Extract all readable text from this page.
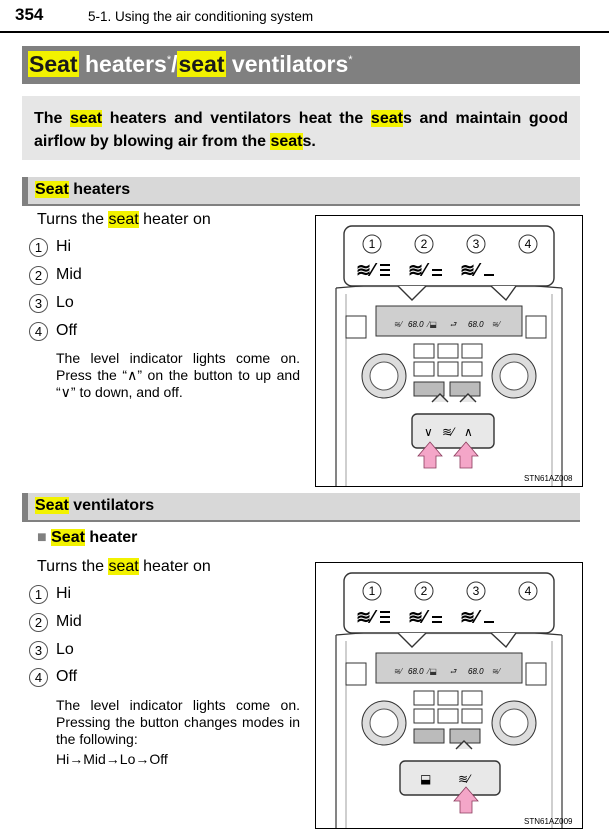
354	5-1. Using the air conditioning system
Seat heaters*/seat ventilators*
The seat heaters and ventilators heat the seats and maintain good airflow by blowing air from the seats.
Seat heaters
Turns the seat heater on
1 Hi
2 Mid
3 Lo
4 Off
The level indicator lights come on. Press the “∧” on the button to up and “∨” to down, and off.
≋⁄ 68.0 ⁄⬓ ⮐ 68.0 ≋⁄
1	2	3	4
≋⁄ ≋⁄ ≋⁄
∨ ≋⁄ ∧
STN61AZ008
Seat ventilators
■ Seat heater
Turns the seat heater on
1 Hi
2 Mid
3 Lo
4 Off
The level indicator lights come on. Pressing the button changes modes in the following:
Hi→Mid→Lo→Off
≋⁄ 68.0 ⁄⬓ ⮐ 68.0 ≋⁄
1	2	3	4
≋⁄ ≋⁄ ≋⁄
⬓ ≋⁄
STN61AZ009
